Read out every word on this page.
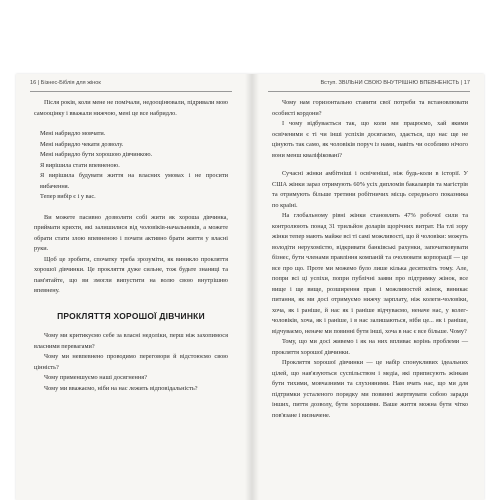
16 | Бізнес-Біблія для жінок

Після років, коли мене не помічали, недооцінювали, підривали мою самооцінку і вважали нижчою, мені це все набридло.

Мені набридло мовчати.
Мені набридло чекати дозволу.
Мені набридло бути хорошою дівчинкою.
Я вирішила стати впевненою.
Я вирішила будувати життя на власних умовах і не просити вибачення.
Тепер вибір є і у вас.

Ви можете пасивно дозволяти собі жити як хороша дівчинка, приймати крихти, які залишилися від чоловіків-начальників, а можете обрати стати злою впевненою і почати активно брати життя у власні руки.

Щоб це зробити, спочатку треба зрозуміти, як виникло прокляття хорошої дівчинки. Це прокляття дуже сильне, тож будьте знаниці та пам'ятайте, що ви змогли випустити на волю свою внутрішню впевнену.

ПРОКЛЯТТЯ ХОРОШОЇ ДІВЧИНКИ

Чому ми критикуємо себе за власні недоліки, перш ніж захопимося власними перевагами?

Чому ми невпевнено проводимо переговори й відстоюємо свою цінність?

Чому применшуємо наші досягнення?

Чому ми вважаємо, ніби на нас лежить відповідальність?

Вступ. ЗВІЛЬНИ СВОЮ ВНУТРІШНЮ ВПЕВНЕНІСТЬ | 17

Чому нам горизонтально ставити свої потреби та встановлювати особисті кордони?

І чому відбувається так, що коли ми працюємо, хай якими освіченими є ті чи інші успіхів досягаємо, здається, що нас ще не цінують так само, як чоловіків поруч із нами, навіть чи особливо нічого вони менш кваліфіковані?

Сучасні жінки амбітніші і освіченіші, ніж будь-коли в історії. У США жінки зараз отримують 60% усіх дипломів бакалаврів та магістрів та отримують більше третини робітничих місць середнього показника по країні.

На глобальному рівні жінки становлять 47% робочої сили та контролюють понад 31 трильйон доларів щорічних витрат. На тлі зору жінки тепер мають майже всі ті самі можливості, що й чоловіки: можуть володіти нерухомістю, відкривати банківські рахунки, започатковувати бізнес, бути членами правління компаній та очолювати корпорації — це все про що. Проте ми можемо було лише кілька десятиліть тому. Але, попри всі ці успіхи, попри публічні заяви про підтримку жінок, все вище і ще вище, розширення прав і можливостей жінок, виникає питання, як ми досі отримуємо нижчу зарплату, ніж колеги-чоловіки, хоча, як і раніше, й нас як і раніше відчуваємо, неначе нас, у колег-чоловіків, хоча, як і раніше, і в нас залишаються, ніби це... як і раніше, відчуваємо, неначе ми повинні бути інші, хоча в нас є все більше. Чому?

Тому, що ми досі живемо і як на них впливає корінь проблеми — прокляття хорошої дівчинки.

Прокляття хорошої дівчинки — це набір спонукливих ідеальних цілей, що нав'язуються суспільством і медіа, які приписують жінкам бути тихими, мовчазними та слухняними. Нам вчать нас, що ми для підтримки усталеного порядку ми повинні жертвувати собою заради інших, пиття дозволу, бути хорошими. Ваше життя можна бути чітко пов'язане і визначене.
